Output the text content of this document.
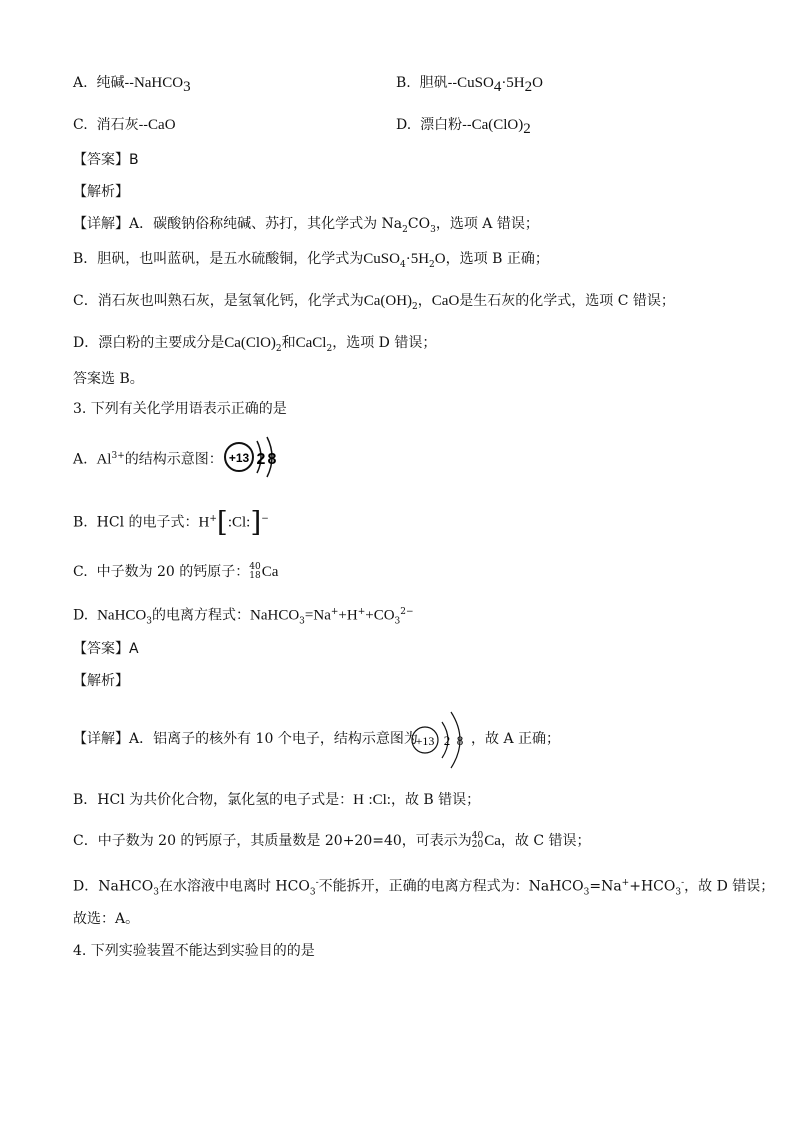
A. 纯碱--NaHCO$_3$	B. 胆矾$--CuSO_4\cdot 5H_2O$
C. 消石灰--CaO	D. 漂白粉$--Ca(ClO)_2$
【答案】B
【解析】
【详解】A．碳酸钠俗称纯碱、苏打，其化学式为 $Na_2CO_3$，选项 A 错误；
B．胆矾，也叫蓝矾，是五水硫酸铜，化学式为$CuSO_4\cdot 5H_2O$，选项 B 正确；
C．消石灰也叫熟石灰，是氢氧化钙，化学式为$Ca(OH)_2$，CaO是生石灰的化学式，选项 C 错误；
D．漂白粉的主要成分是$Ca(ClO)_2$和CaCl$_2$，选项 D 错误；
答案选 B。
3. 下列有关化学用语表示正确的是
A. $Al^{3+}$的结构示意图： +13 2 8
B. HCl 的电子式：H+[:Cl:]−
C. 中子数为 20 的钙原子：40
18Ca
D. NaHCO$_3$的电离方程式：$NaHCO_3=Na^++H^++CO_3^{2-}$
【答案】A
【解析】
【详解】A．铝离子的核外有 10 个电子，结构示意图为
+13 2 8 ，故 A 正确；
B．HCl 为共价化合物，氯化氢的电子式是：H :Cl:，故 B 错误；
C．中子数为 20 的钙原子，其质量数是 20+20=40，可表示为40
20Ca，故 C 错误；
D．NaHCO$_3$在水溶液中电离时 $HCO_3^-$不能拆开，正确的电离方程式为：$NaHCO_3=Na^++HCO_3^-$，故 D 错误；
故选：A。
4. 下列实验装置不能达到实验目的的是
